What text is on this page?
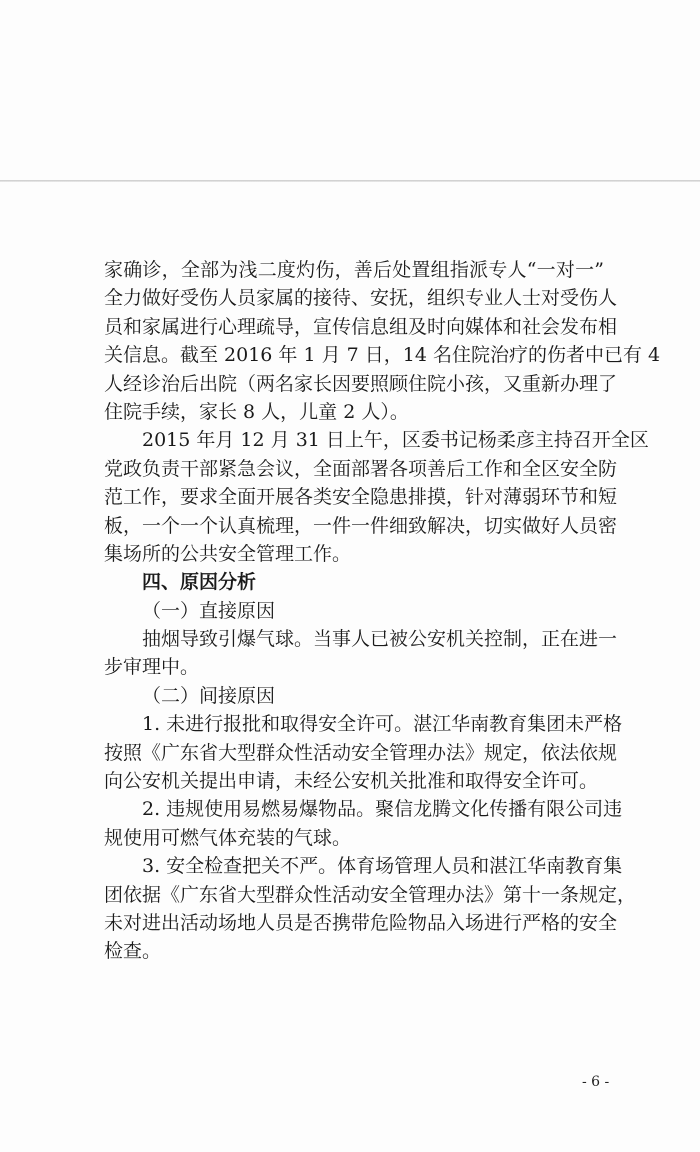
家确诊，全部为浅二度灼伤，善后处置组指派专人“一对一”
全力做好受伤人员家属的接待、安抚，组织专业人士对受伤人
员和家属进行心理疏导，宣传信息组及时向媒体和社会发布相
关信息。截至 2016 年 1 月 7 日，14 名住院治疗的伤者中已有 4
人经诊治后出院（两名家长因要照顾住院小孩，又重新办理了
住院手续，家长 8 人，儿童 2 人）。
2015 年月 12 月 31 日上午，区委书记杨柔彦主持召开全区
党政负责干部紧急会议，全面部署各项善后工作和全区安全防
范工作，要求全面开展各类安全隐患排摸，针对薄弱环节和短
板，一个一个认真梳理，一件一件细致解决，切实做好人员密
集场所的公共安全管理工作。
四、原因分析
（一）直接原因
抽烟导致引爆气球。当事人已被公安机关控制，正在进一
步审理中。
（二）间接原因
1. 未进行报批和取得安全许可。湛江华南教育集团未严格
按照《广东省大型群众性活动安全管理办法》规定，依法依规
向公安机关提出申请，未经公安机关批准和取得安全许可。
2. 违规使用易燃易爆物品。聚信龙腾文化传播有限公司违
规使用可燃气体充装的气球。
3. 安全检查把关不严。体育场管理人员和湛江华南教育集
团依据《广东省大型群众性活动安全管理办法》第十一条规定，
未对进出活动场地人员是否携带危险物品入场进行严格的安全
检查。
- 6 -
